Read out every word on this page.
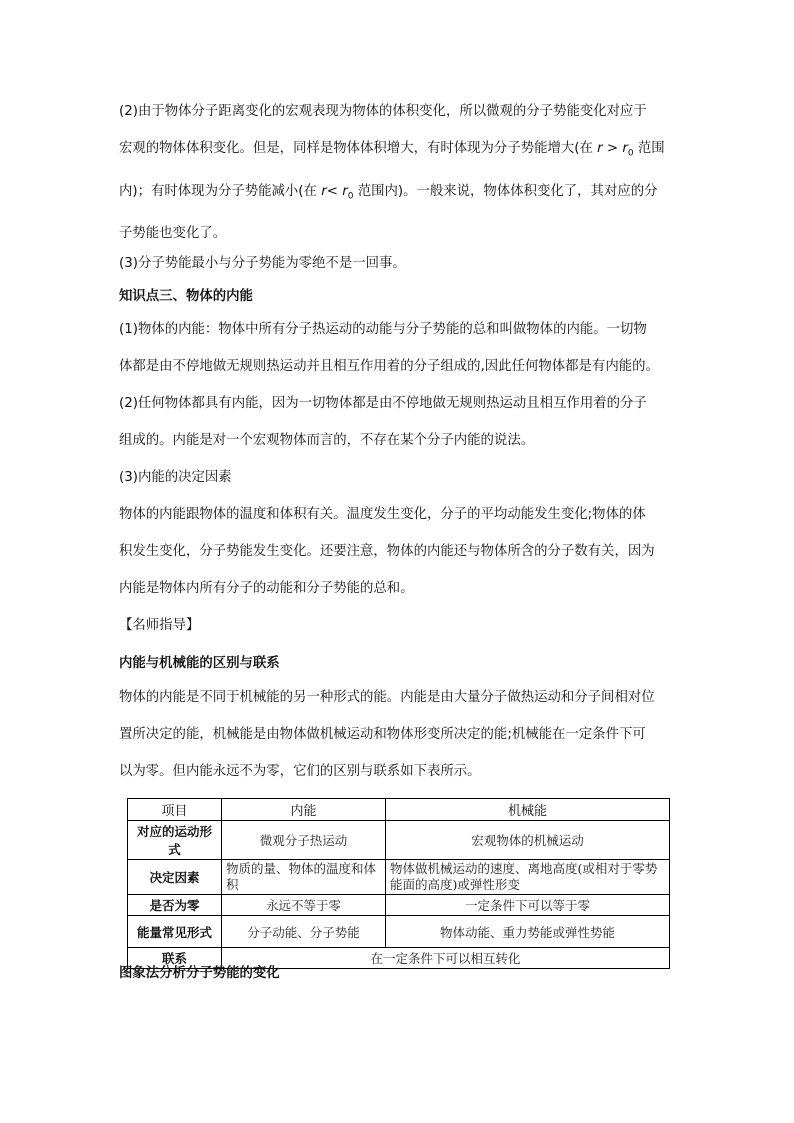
(2)由于物体分子距离变化的宏观表现为物体的体积变化，所以微观的分子势能变化对应于
宏观的物体体积变化。但是，同样是物体体积增大，有时体现为分子势能增大(在 $r > r_0$ 范围
内)；有时体现为分子势能减小(在 $r< r_0$ 范围内)。一般来说，物体体积变化了，其对应的分
子势能也变化了。
(3)分子势能最小与分子势能为零绝不是一回事。
知识点三、物体的内能
(1)物体的内能：物体中所有分子热运动的动能与分子势能的总和叫做物体的内能。一切物
体都是由不停地做无规则热运动并且相互作用着的分子组成的,因此任何物体都是有内能的。
(2)任何物体都具有内能，因为一切物体都是由不停地做无规则热运动且相互作用着的分子
组成的。内能是对一个宏观物体而言的，不存在某个分子内能的说法。
(3)内能的决定因素
物体的内能跟物体的温度和体积有关。温度发生变化，分子的平均动能发生变化;物体的体
积发生变化，分子势能发生变化。还要注意，物体的内能还与物体所含的分子数有关，因为
内能是物体内所有分子的动能和分子势能的总和。
【名师指导】
内能与机械能的区别与联系
物体的内能是不同于机械能的另一种形式的能。内能是由大量分子做热运动和分子间相对位
置所决定的能，机械能是由物体做机械运动和物体形变所决定的能;机械能在一定条件下可
以为零。但内能永远不为零，它们的区别与联系如下表所示。
项目	内能	机械能
对应的运动形式	微观分子热运动	宏观物体的机械运动
决定因素	物质的量、物体的温度和体积	物体做机械运动的速度、离地高度(或相对于零势能面的高度)或弹性形变
是否为零	永远不等于零	一定条件下可以等于零
能量常见形式	分子动能、分子势能	物体动能、重力势能或弹性势能
联系	在一定条件下可以相互转化	
图象法分析分子势能的变化
